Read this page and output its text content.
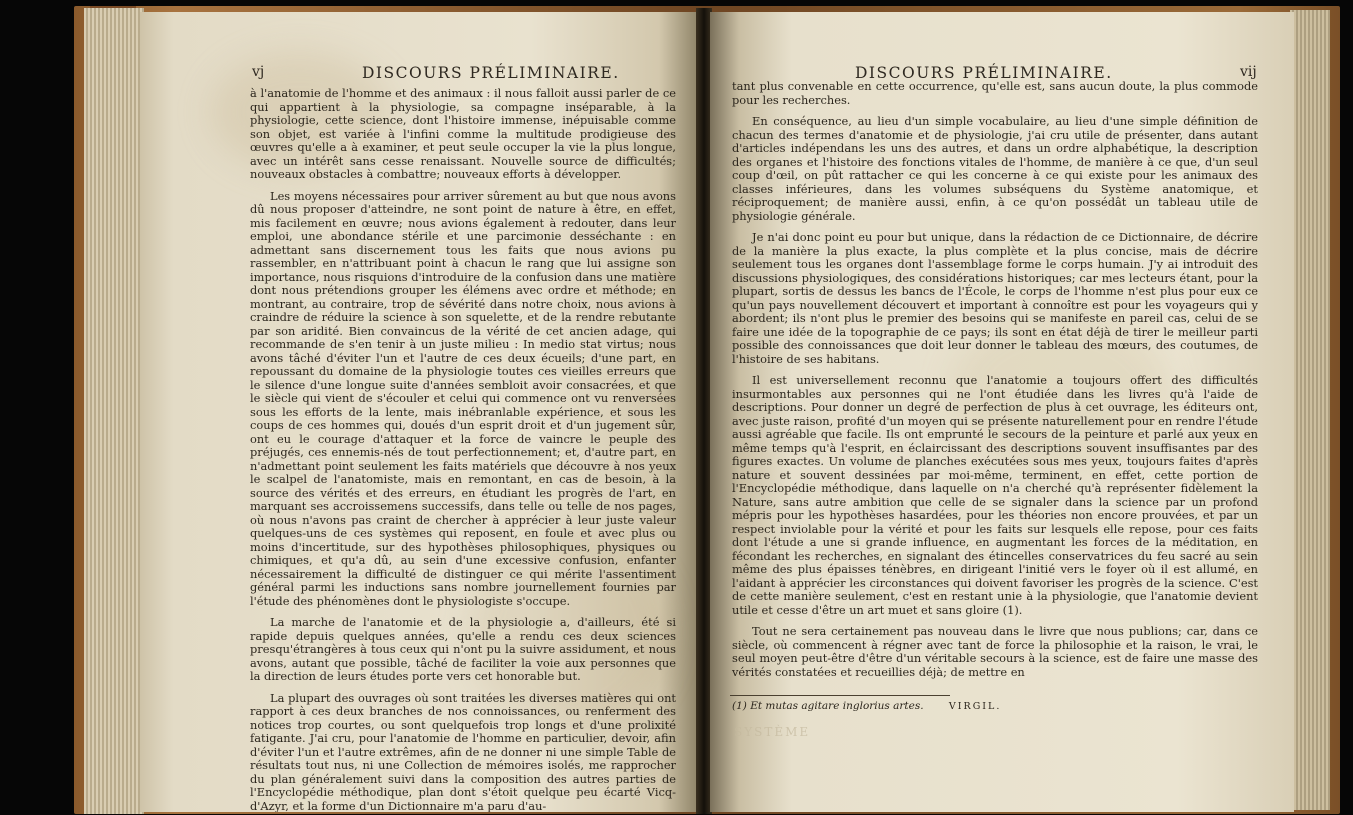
vj	DISCOURS PRÉLIMINAIRE.

à l'anatomie de l'homme et des animaux : il nous falloit aussi parler de ce qui appartient à la physiologie, sa compagne inséparable, à la physiologie, cette science, dont l'histoire immense, inépuisable comme son objet, est variée à l'infini comme la multitude prodigieuse des œuvres qu'elle a à examiner, et peut seule occuper la vie la plus longue, avec un intérêt sans cesse renaissant. Nouvelle source de difficultés; nouveaux obstacles à combattre; nouveaux efforts à développer.

Les moyens nécessaires pour arriver sûrement au but que nous avons dû nous proposer d'atteindre, ne sont point de nature à être, en effet, mis facilement en œuvre; nous avions également à redouter, dans leur emploi, une abondance stérile et une parcimonie desséchante : en admettant sans discernement tous les faits que nous avions pu rassembler, en n'attribuant point à chacun le rang que lui assigne son importance, nous risquions d'introduire de la confusion dans une matière dont nous prétendions grouper les élémens avec ordre et méthode; en montrant, au contraire, trop de sévérité dans notre choix, nous avions à craindre de réduire la science à son squelette, et de la rendre rebutante par son aridité. Bien convaincus de la vérité de cet ancien adage, qui recommande de s'en tenir à un juste milieu : In medio stat virtus; nous avons tâché d'éviter l'un et l'autre de ces deux écueils; d'une part, en repoussant du domaine de la physiologie toutes ces vieilles erreurs que le silence d'une longue suite d'années sembloit avoir consacrées, et que le siècle qui vient de s'écouler et celui qui commence ont vu renversées sous les efforts de la lente, mais inébranlable expérience, et sous les coups de ces hommes qui, doués d'un esprit droit et d'un jugement sûr, ont eu le courage d'attaquer et la force de vaincre le peuple des préjugés, ces ennemis-nés de tout perfectionnement; et, d'autre part, en n'admettant point seulement les faits matériels que découvre à nos yeux le scalpel de l'anatomiste, mais en remontant, en cas de besoin, à la source des vérités et des erreurs, en étudiant les progrès de l'art, en marquant ses accroissemens successifs, dans telle ou telle de nos pages, où nous n'avons pas craint de chercher à apprécier à leur juste valeur quelques-uns de ces systèmes qui reposent, en foule et avec plus ou moins d'incertitude, sur des hypothèses philosophiques, physiques ou chimiques, et qu'a dû, au sein d'une excessive confusion, enfanter nécessairement la difficulté de distinguer ce qui mérite l'assentiment général parmi les inductions sans nombre journellement fournies par l'étude des phénomènes dont le physiologiste s'occupe.

La marche de l'anatomie et de la physiologie a, d'ailleurs, été si rapide depuis quelques années, qu'elle a rendu ces deux sciences presqu'étrangères à tous ceux qui n'ont pu la suivre assidument, et nous avons, autant que possible, tâché de faciliter la voie aux personnes que la direction de leurs études porte vers cet honorable but.

La plupart des ouvrages où sont traitées les diverses matières qui ont rapport à ces deux branches de nos connoissances, ou renferment des notices trop courtes, ou sont quelquefois trop longs et d'une prolixité fatigante. J'ai cru, pour l'anatomie de l'homme en particulier, devoir, afin d'éviter l'un et l'autre extrêmes, afin de ne donner ni une simple Table de résultats tout nus, ni une Collection de mémoires isolés, me rapprocher du plan généralement suivi dans la composition des autres parties de l'Encyclopédie méthodique, plan dont s'étoit quelque peu écarté Vicq-d'Azyr, et la forme d'un Dictionnaire m'a paru d'au-

DISCOURS PRÉLIMINAIRE.	vij

tant plus convenable en cette occurrence, qu'elle est, sans aucun doute, la plus commode pour les recherches.

En conséquence, au lieu d'un simple vocabulaire, au lieu d'une simple définition de chacun des termes d'anatomie et de physiologie, j'ai cru utile de présenter, dans autant d'articles indépendans les uns des autres, et dans un ordre alphabétique, la description des organes et l'histoire des fonctions vitales de l'homme, de manière à ce que, d'un seul coup d'œil, on pût rattacher ce qui les concerne à ce qui existe pour les animaux des classes inférieures, dans les volumes subséquens du Système anatomique, et réciproquement; de manière aussi, enfin, à ce qu'on possédât un tableau utile de physiologie générale.

Je n'ai donc point eu pour but unique, dans la rédaction de ce Dictionnaire, de décrire de la manière la plus exacte, la plus complète et la plus concise, mais de décrire seulement tous les organes dont l'assemblage forme le corps humain. J'y ai introduit des discussions physiologiques, des considérations historiques; car mes lecteurs étant, pour la plupart, sortis de dessus les bancs de l'École, le corps de l'homme n'est plus pour eux ce qu'un pays nouvellement découvert et important à connoître est pour les voyageurs qui y abordent; ils n'ont plus le premier des besoins qui se manifeste en pareil cas, celui de se faire une idée de la topographie de ce pays; ils sont en état déjà de tirer le meilleur parti possible des connoissances que doit leur donner le tableau des mœurs, des coutumes, de l'histoire de ses habitans.

Il est universellement reconnu que l'anatomie a toujours offert des difficultés insurmontables aux personnes qui ne l'ont étudiée dans les livres qu'à l'aide de descriptions. Pour donner un degré de perfection de plus à cet ouvrage, les éditeurs ont, avec juste raison, profité d'un moyen qui se présente naturellement pour en rendre l'étude aussi agréable que facile. Ils ont emprunté le secours de la peinture et parlé aux yeux en même temps qu'à l'esprit, en éclaircissant des descriptions souvent insuffisantes par des figures exactes. Un volume de planches exécutées sous mes yeux, toujours faites d'après nature et souvent dessinées par moi-même, terminent, en effet, cette portion de l'Encyclopédie méthodique, dans laquelle on n'a cherché qu'à représenter fidèlement la Nature, sans autre ambition que celle de se signaler dans la science par un profond mépris pour les hypothèses hasardées, pour les théories non encore prouvées, et par un respect inviolable pour la vérité et pour les faits sur lesquels elle repose, pour ces faits dont l'étude a une si grande influence, en augmentant les forces de la méditation, en fécondant les recherches, en signalant des étincelles conservatrices du feu sacré au sein même des plus épaisses ténèbres, en dirigeant l'initié vers le foyer où il est allumé, en l'aidant à apprécier les circonstances qui doivent favoriser les progrès de la science. C'est de cette manière seulement, c'est en restant unie à la physiologie, que l'anatomie devient utile et cesse d'être un art muet et sans gloire (1).

Tout ne sera certainement pas nouveau dans le livre que nous publions; car, dans ce siècle, où commencent à régner avec tant de force la philosophie et la raison, le vrai, le seul moyen peut-être d'être d'un véritable secours à la science, est de faire une masse des vérités constatées et recueillies déjà; de mettre en

(1) Et mutas agitare inglorius artes.	VIRGIL.
SYSTÈME
